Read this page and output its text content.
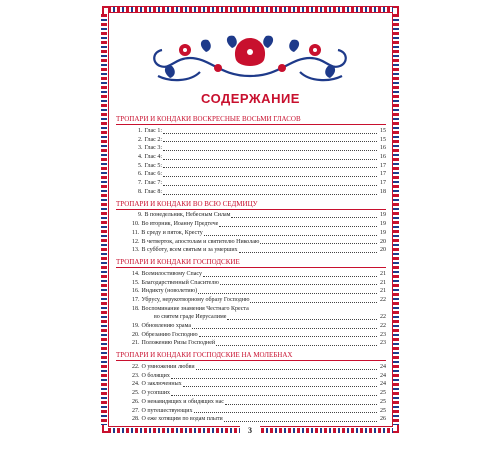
СОДЕРЖАНИЕ
ТРОПАРИ И КОНДАКИ ВОСКРЕСНЫЕ ВОСЬМИ ГЛАСОВ
1. Глас 1:	15
2. Глас 2:	15
3. Глас 3:	16
4. Глас 4:	16
5. Глас 5:	17
6. Глас 6:	17
7. Глас 7:	17
8. Глас 8:	18
ТРОПАРИ И КОНДАКИ ВО ВСЮ СЕДМИЦУ
9. В понедельник, Небесным Силам	19
10. Во вторник, Иоанну Предтече	19
11. В среду и пяток, Кресту	19
12. В четверток, апостолам и святителю Николаю	20
13. В субботу, всем святым и за умерших	20
ТРОПАРИ И КОНДАКИ ГОСПОДСКИЕ
14. Всемилостивому Спасу	21
15. Благодарственный Спасителю	21
16. Индикту (новолетию)	21
17. Убрусу, нерукотворному образу Господню	22
18. Воспоминание знамения Честнаго Креста
во святем граде Иерусалиме	22
19. Обновлению храма	22
20. Обрезанию Господню	23
21. Положению Ризы Господней	23
ТРОПАРИ И КОНДАКИ ГОСПОДСКИЕ НА МОЛЕБНАХ
22. О умножении любви	24
23. О болящих	24
24. О заключенных	24
25. О усопших	25
26. О ненавидящих и обидящих нас	25
27. О путешествующих	25
28. О еже хотящим по водам плыти	26
3
